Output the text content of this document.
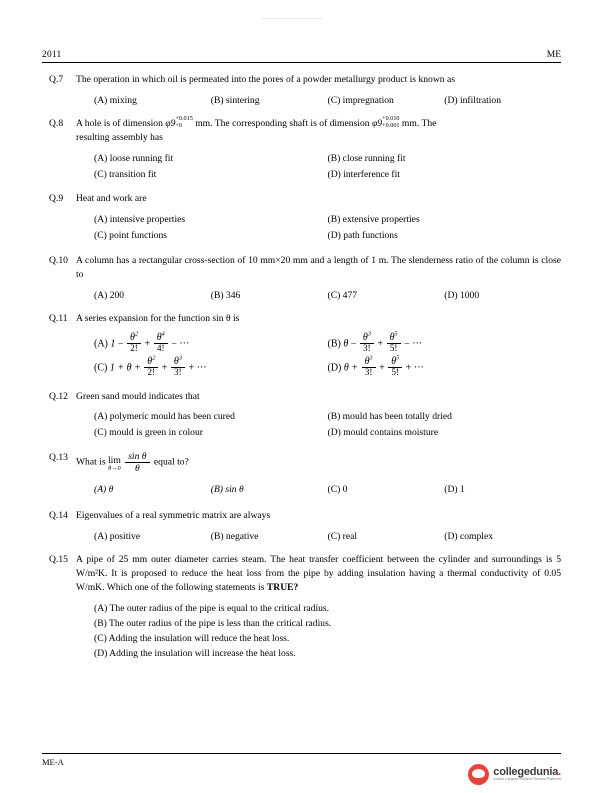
2011	ME
Q.7	The operation in which oil is permeated into the pores of a powder metallurgy product is known as
(A) mixing	(B) sintering	(C) impregnation	(D) infiltration
Q.8	A hole is of dimension φ9 +0.015
+0	mm. The corresponding shaft is of dimension φ9 +0.010
+0.001 mm. The
resulting assembly has
(A) loose running fit	(B) close running fit
(C) transition fit	(D) interference fit
Q.9	Heat and work are
(A) intensive properties	(B) extensive properties
(C) point functions	(D) path functions
Q.10 A column has a rectangular cross-section of 10 mm×20 mm and a length of 1 m. The slenderness ratio of the column is close to
(A) 200	(B) 346	(C) 477	(D) 1000
Q.11 A series expansion for the function sin θ is
(A) $1 - \frac{\theta^2}{2!} + \frac{\theta^4}{4!}$ − ···	(B) $\theta - \frac{\theta^3}{3!} + \frac{\theta^5}{5!}$ − ···
(C) $1 + \theta + \frac{\theta^2}{2!} + \frac{\theta^3}{3!}$ + ···	(D) $\theta + \frac{\theta^3}{3!} + \frac{\theta^5}{5!}$ + ···
Q.12 Green sand mould indicates that
(A) polymeric mould has been cured	(B) mould has been totally dried
(C) mould is green in colour	(D) mould contains moisture
Q.13 What is lim
θ→0
$\frac{\text{sin θ}}{\theta}$ equal to?
(A) θ	(B) sin θ	(C) 0	(D) 1
Q.14 Eigenvalues of a real symmetric matrix are always
(A) positive	(B) negative	(C) real	(D) complex
Q.15 A pipe of 25 mm outer diameter carries steam. The heat transfer coefficient between the cylinder and surroundings is 5 W/m²K. It is proposed to reduce the heat loss from the pipe by adding insulation having a thermal conductivity of 0.05 W/mK. Which one of the following statements is TRUE?
(A) The outer radius of the pipe is equal to the critical radius.
(B) The outer radius of the pipe is less than the critical radius.
(C) Adding the insulation will reduce the heat loss.
(D) Adding the insulation will increase the heat loss.
ME-A
collegedunia.
India's Largest Student Review Platform
